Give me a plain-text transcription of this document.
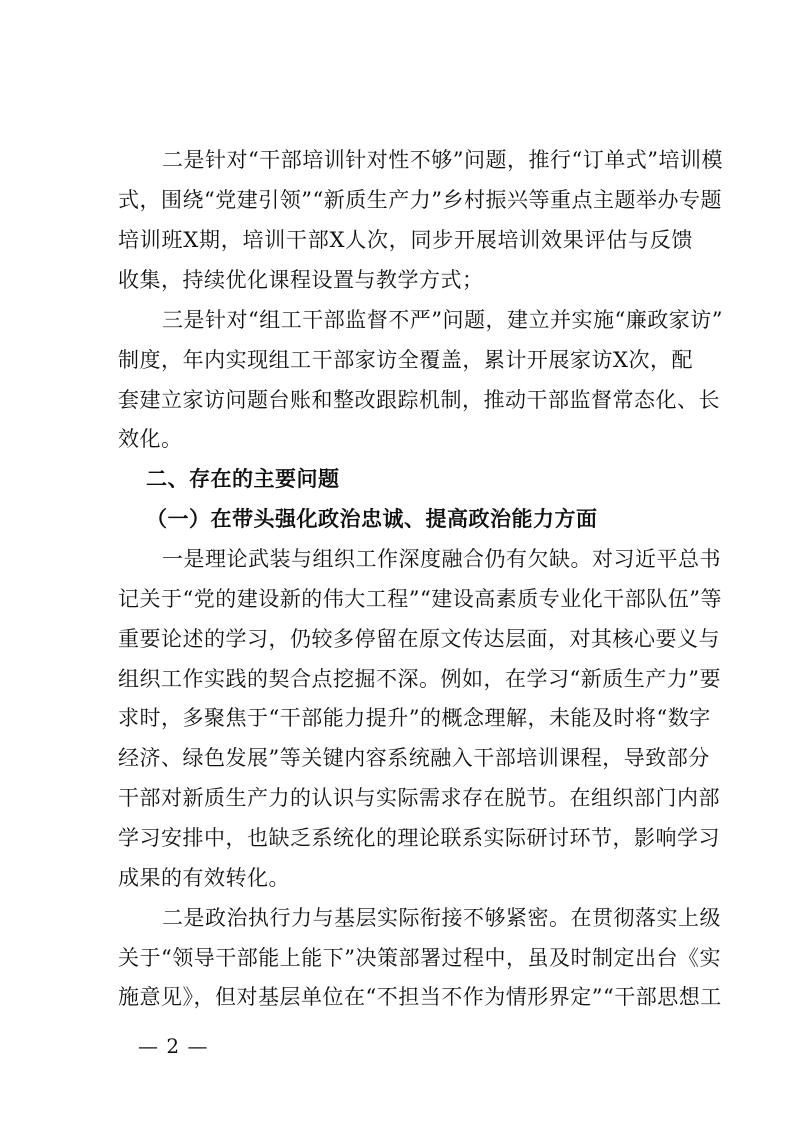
二是针对“干部培训针对性不够”问题，推行“订单式”培训模
式，围绕“党建引领”“新质生产力”乡村振兴等重点主题举办专题
培训班X期，培训干部X人次，同步开展培训效果评估与反馈
收集，持续优化课程设置与教学方式；
三是针对“组工干部监督不严”问题，建立并实施“廉政家访”
制度，年内实现组工干部家访全覆盖，累计开展家访X次，配
套建立家访问题台账和整改跟踪机制，推动干部监督常态化、长
效化。
二、存在的主要问题
（一）在带头强化政治忠诚、提高政治能力方面
一是理论武装与组织工作深度融合仍有欠缺。对习近平总书
记关于“党的建设新的伟大工程”“建设高素质专业化干部队伍”等
重要论述的学习，仍较多停留在原文传达层面，对其核心要义与
组织工作实践的契合点挖掘不深。例如，在学习“新质生产力”要
求时，多聚焦于“干部能力提升”的概念理解，未能及时将“数字
经济、绿色发展”等关键内容系统融入干部培训课程，导致部分
干部对新质生产力的认识与实际需求存在脱节。在组织部门内部
学习安排中，也缺乏系统化的理论联系实际研讨环节，影响学习
成果的有效转化。
二是政治执行力与基层实际衔接不够紧密。在贯彻落实上级
关于“领导干部能上能下”决策部署过程中，虽及时制定出台《实
施意见》，但对基层单位在“不担当不作为情形界定”“干部思想工
— 2 —
